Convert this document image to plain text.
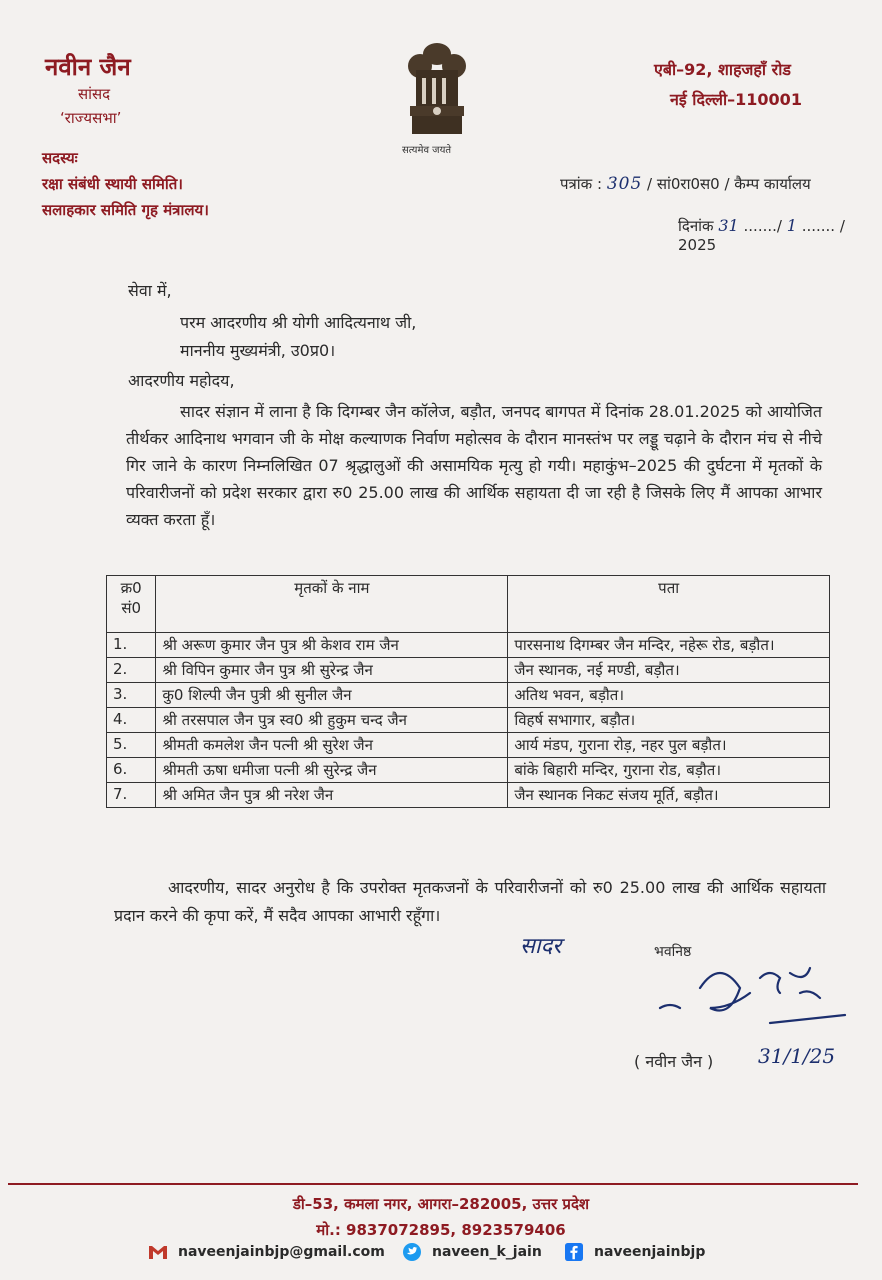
नवीन जैन
सांसद
‘राज्यसभा’
सदस्यः
रक्षा संबंधी स्थायी समिति।
सलाहकार समिति गृह मंत्रालय।
सत्यमेव जयते
एबी–92, शाहजहाँ रोड
नई दिल्ली–110001
पत्रांक : 305 / सां0रा0स0 / कैम्प कार्यालय
दिनांक 31 ......./ 1 ....... / 2025
सेवा में,
परम आदरणीय श्री योगी आदित्यनाथ जी,
माननीय मुख्यमंत्री, उ0प्र0।
आदरणीय महोदय,
सादर संज्ञान में लाना है कि दिगम्बर जैन कॉलेज, बड़ौत, जनपद बागपत में दिनांक 28.01.2025 को आयोजित तीर्थकर आदिनाथ भगवान जी के मोक्ष कल्याणक निर्वाण महोत्सव के दौरान मानस्तंभ पर लड्डू चढ़ाने के दौरान मंच से नीचे गिर जाने के कारण निम्नलिखित 07 श्रृद्धालुओं की असामयिक मृत्यु हो गयी। महाकुंभ–2025 की दुर्घटना में मृतकों के परिवारीजनों को प्रदेश सरकार द्वारा रु0 25.00 लाख की आर्थिक सहायता दी जा रही है जिसके लिए मैं आपका आभार व्यक्त करता हूँ।
क्र0 सं0	मृतकों के नाम	पता
1.	श्री अरूण कुमार जैन पुत्र श्री केशव राम जैन	पारसनाथ दिगम्बर जैन मन्दिर, नहेरू रोड, बड़ौत।
2.	श्री विपिन कुमार जैन पुत्र श्री सुरेन्द्र जैन	जैन स्थानक, नई मण्डी, बड़ौत।
3.	कु0 शिल्पी जैन पुत्री श्री सुनील जैन	अतिथ भवन, बड़ौत।
4.	श्री तरसपाल जैन पुत्र स्व0 श्री हुकुम चन्द जैन	विहर्ष सभागार, बड़ौत।
5.	श्रीमती कमलेश जैन पत्नी श्री सुरेश जैन	आर्य मंडप, गुराना रोड़, नहर पुल बड़ौत।
6.	श्रीमती ऊषा धमीजा पत्नी श्री सुरेन्द्र जैन	बांके बिहारी मन्दिर, गुराना रोड, बड़ौत।
7.	श्री अमित जैन पुत्र श्री नरेश जैन	जैन स्थानक निकट संजय मूर्ति, बड़ौत।
आदरणीय, सादर अनुरोध है कि उपरोक्त मृतकजनों के परिवारीजनों को रु0 25.00 लाख की आर्थिक सहायता प्रदान करने की कृपा करें, मैं सदैव आपका आभारी रहूँगा।
सादर	भवनिष्ठ
( नवीन जैन ) 31/1/25
डी–53, कमला नगर, आगरा–282005, उत्तर प्रदेश
मो.: 9837072895, 8923579406
naveenjainbjp@gmail.com	naveen_k_jain	naveenjainbjp
